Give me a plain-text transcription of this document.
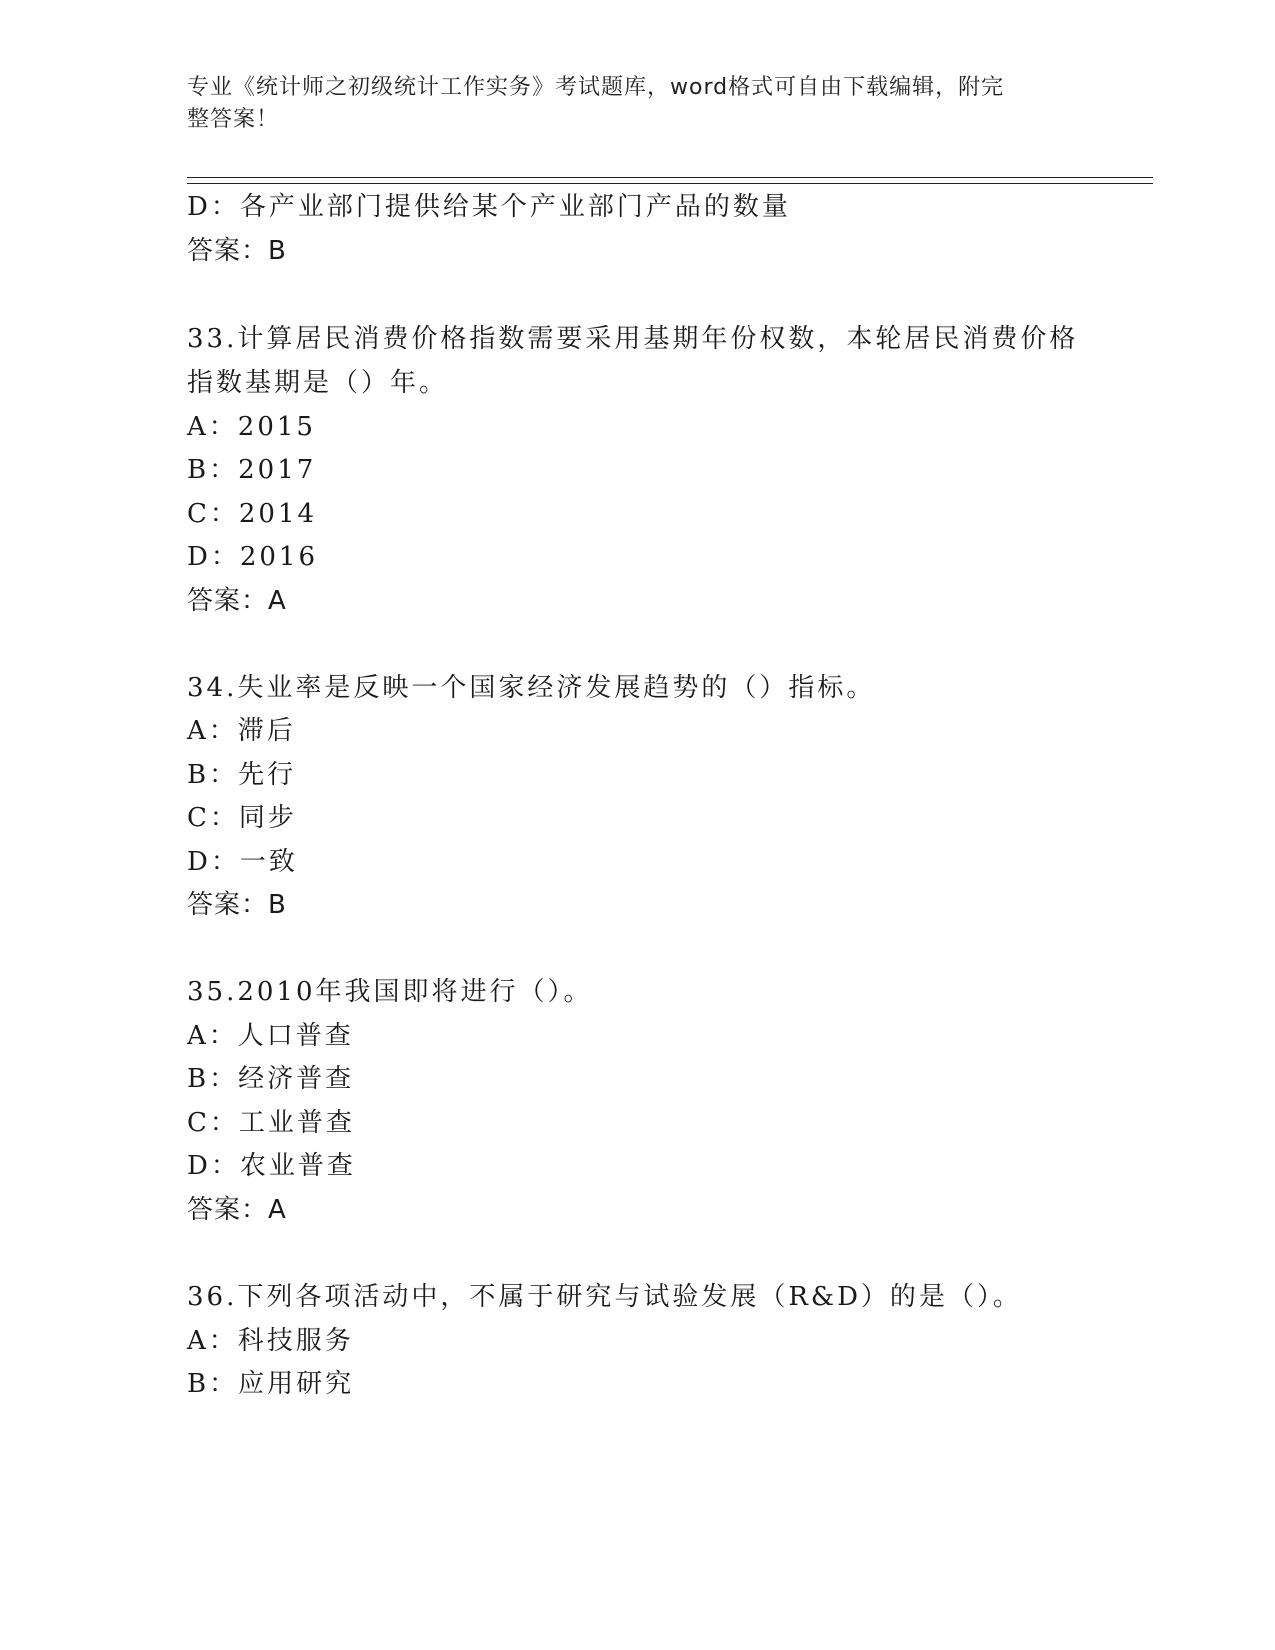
专业《统计师之初级统计工作实务》考试题库，word格式可自由下载编辑，附完
整答案！
D：各产业部门提供给某个产业部门产品的数量
答案：B
33.计算居民消费价格指数需要采用基期年份权数，本轮居民消费价格
指数基期是（）年。
A：2015
B：2017
C：2014
D：2016
答案：A
34.失业率是反映一个国家经济发展趋势的（）指标。
A：滞后
B：先行
C：同步
D：一致
答案：B
35.2010年我国即将进行（）。
A：人口普查
B：经济普查
C：工业普查
D：农业普查
答案：A
36.下列各项活动中，不属于研究与试验发展（R&D）的是（）。
A：科技服务
B：应用研究
